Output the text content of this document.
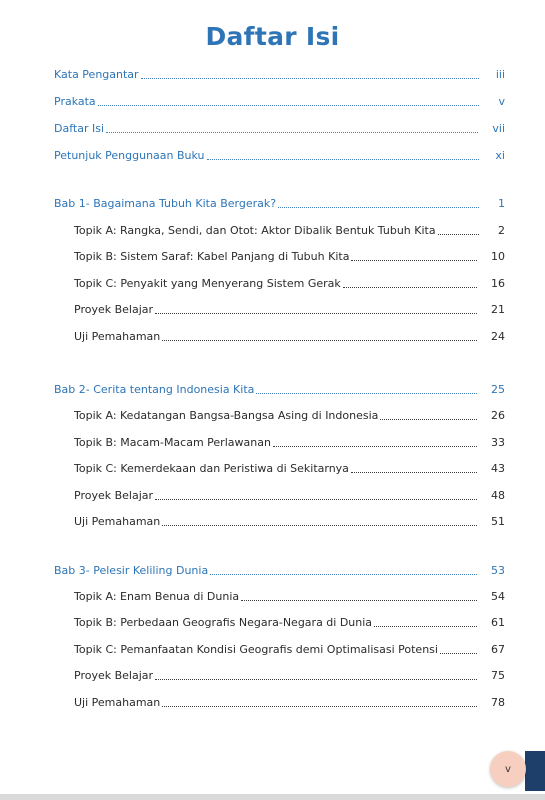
Daftar Isi
Kata Pengantar	iii
Prakata	v
Daftar Isi	vii
Petunjuk Penggunaan Buku	xi
Bab 1- Bagaimana Tubuh Kita Bergerak?	1
Topik A: Rangka, Sendi, dan Otot: Aktor Dibalik Bentuk Tubuh Kita	2
Topik B: Sistem Saraf: Kabel Panjang di Tubuh Kita	10
Topik C: Penyakit yang Menyerang Sistem Gerak	16
Proyek Belajar	21
Uji Pemahaman	24
Bab 2- Cerita tentang Indonesia Kita	25
Topik A: Kedatangan Bangsa-Bangsa Asing di Indonesia	26
Topik B: Macam-Macam Perlawanan	33
Topik C: Kemerdekaan dan Peristiwa di Sekitarnya	43
Proyek Belajar	48
Uji Pemahaman	51
Bab 3- Pelesir Keliling Dunia	53
Topik A: Enam Benua di Dunia	54
Topik B: Perbedaan Geografis Negara-Negara di Dunia	61
Topik C: Pemanfaatan Kondisi Geografis demi Optimalisasi Potensi	67
Proyek Belajar	75
Uji Pemahaman	78
v
